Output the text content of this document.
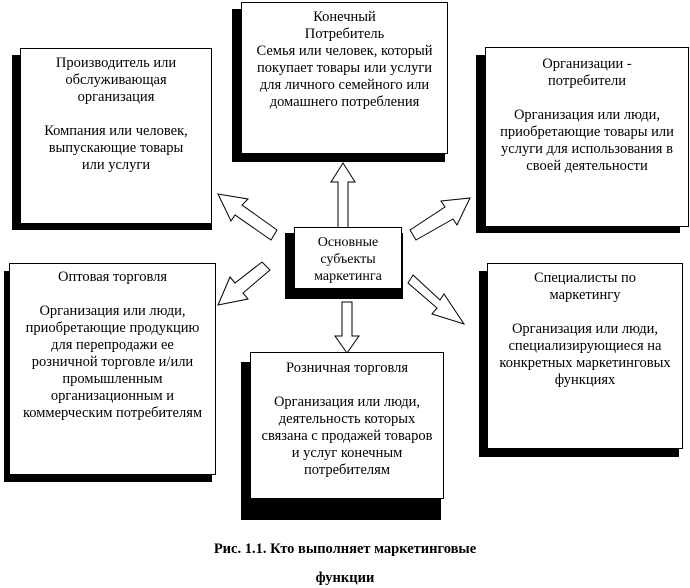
Конечный Потребитель
Семья или человек, который покупает товары или услуги для личного семейного или домашнего потребления
Производитель или обслуживающая организация
Компания или человек, выпускающие товары или услуги
Организации - потребители
Организация или люди, приобретающие товары или услуги для использования в своей деятельности
Основные субъекты маркетинга
Оптовая торговля
Организация или люди, приобретающие продукцию для перепродажи ее розничной торговле и/или промышленным организационным и коммерческим потребителям
Розничная торговля
Организация или люди, деятельность которых связана с продажей товаров и услуг конечным потребителям
Специалисты по маркетингу
Организация или люди, специализирующиеся на конкретных маркетинговых функциях
Рис. 1.1. Кто выполняет маркетинговые
функции
